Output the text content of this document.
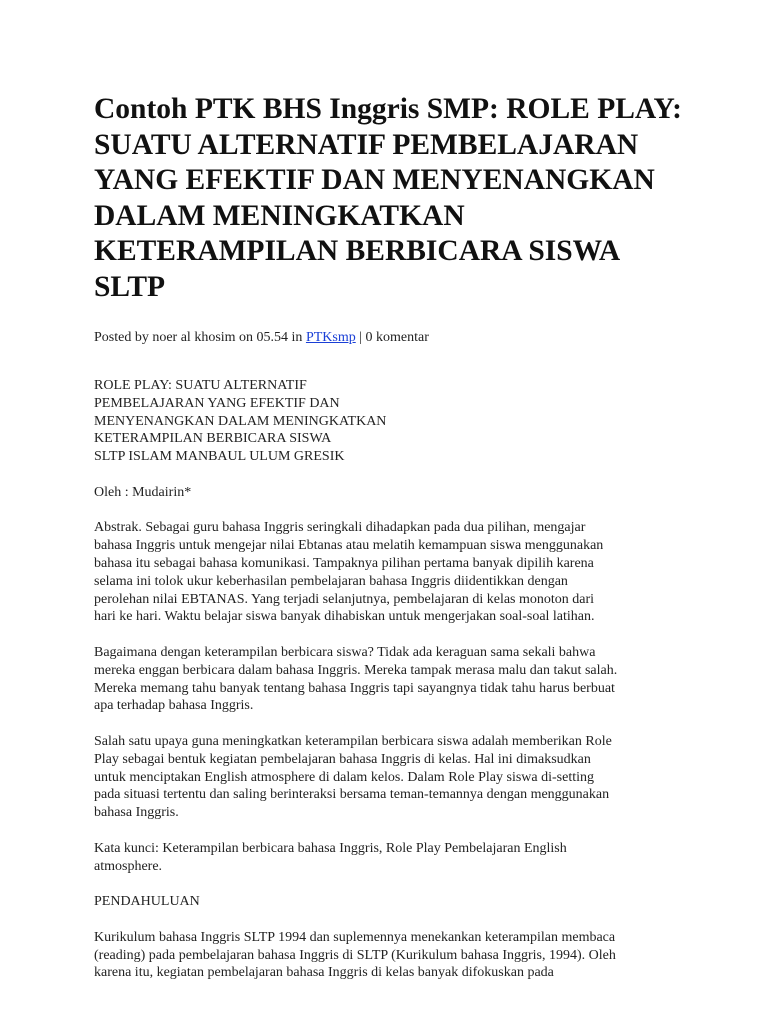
Contoh PTK BHS Inggris SMP: ROLE PLAY: SUATU ALTERNATIF PEMBELAJARAN YANG EFEKTIF DAN MENYENANGKAN DALAM MENINGKATKAN KETERAMPILAN BERBICARA SISWA SLTP
Posted by noer al khosim on 05.54 in PTKsmp | 0 komentar
ROLE PLAY: SUATU ALTERNATIF
PEMBELAJARAN YANG EFEKTIF DAN
MENYENANGKAN DALAM MENINGKATKAN
KETERAMPILAN BERBICARA SISWA
SLTP ISLAM MANBAUL ULUM GRESIK
Oleh : Mudairin*
Abstrak. Sebagai guru bahasa Inggris seringkali dihadapkan pada dua pilihan, mengajar
bahasa Inggris untuk mengejar nilai Ebtanas atau melatih kemampuan siswa menggunakan
bahasa itu sebagai bahasa komunikasi. Tampaknya pilihan pertama banyak dipilih karena
selama ini tolok ukur keberhasilan pembelajaran bahasa Inggris diidentikkan dengan
perolehan nilai EBTANAS. Yang terjadi selanjutnya, pembelajaran di kelas monoton dari
hari ke hari. Waktu belajar siswa banyak dihabiskan untuk mengerjakan soal-soal latihan.
Bagaimana dengan keterampilan berbicara siswa? Tidak ada keraguan sama sekali bahwa
mereka enggan berbicara dalam bahasa Inggris. Mereka tampak merasa malu dan takut salah.
Mereka memang tahu banyak tentang bahasa Inggris tapi sayangnya tidak tahu harus berbuat
apa terhadap bahasa Inggris.
Salah satu upaya guna meningkatkan keterampilan berbicara siswa adalah memberikan Role
Play sebagai bentuk kegiatan pembelajaran bahasa Inggris di kelas. Hal ini dimaksudkan
untuk menciptakan English atmosphere di dalam kelos. Dalam Role Play siswa di-setting
pada situasi tertentu dan saling berinteraksi bersama teman-temannya dengan menggunakan
bahasa Inggris.
Kata kunci: Keterampilan berbicara bahasa Inggris, Role Play Pembelajaran English
atmosphere.
PENDAHULUAN
Kurikulum bahasa Inggris SLTP 1994 dan suplemennya menekankan keterampilan membaca
(reading) pada pembelajaran bahasa Inggris di SLTP (Kurikulum bahasa Inggris, 1994). Oleh
karena itu, kegiatan pembelajaran bahasa Inggris di kelas banyak difokuskan pada
